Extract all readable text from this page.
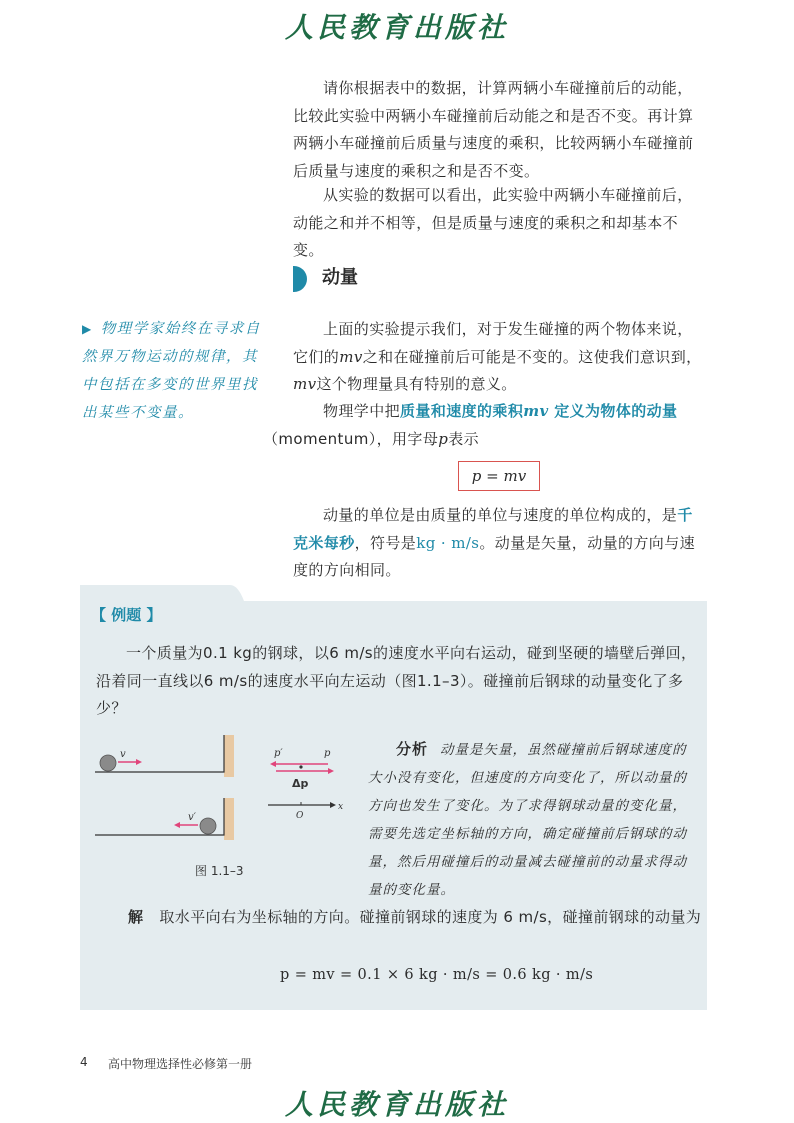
人民教育出版社
请你根据表中的数据，计算两辆小车碰撞前后的动能，比较此实验中两辆小车碰撞前后动能之和是否不变。再计算两辆小车碰撞前后质量与速度的乘积，比较两辆小车碰撞前后质量与速度的乘积之和是否不变。
从实验的数据可以看出，此实验中两辆小车碰撞前后，动能之和并不相等，但是质量与速度的乘积之和却基本不变。
动量
▶ 物理学家始终在寻求自然界万物运动的规律，其中包括在多变的世界里找出某些不变量。
上面的实验提示我们，对于发生碰撞的两个物体来说，它们的mv之和在碰撞前后可能是不变的。这使我们意识到，mv这个物理量具有特别的意义。
物理学中把质量和速度的乘积mv 定义为物体的动量
（momentum），用字母p表示
p = mv
动量的单位是由质量的单位与速度的单位构成的，是千克米每秒，符号是kg · m/s。动量是矢量，动量的方向与速度的方向相同。
【 例题 】
一个质量为0.1 kg的钢球，以6 m/s的速度水平向右运动，碰到坚硬的墙壁后弹回，沿着同一直线以6 m/s的速度水平向左运动（图1.1–3）。碰撞前后钢球的动量变化了多少？
v
v′
p′	p
Δp
x
O
图 1.1–3
分析 动量是矢量，虽然碰撞前后钢球速度的大小没有变化，但速度的方向变化了，所以动量的方向也发生了变化。为了求得钢球动量的变化量，需要先选定坐标轴的方向，确定碰撞前后钢球的动量，然后用碰撞后的动量减去碰撞前的动量求得动量的变化量。
解 取水平向右为坐标轴的方向。碰撞前钢球的速度为 6 m/s，碰撞前钢球的动量为
p = mv = 0.1 × 6 kg · m/s = 0.6 kg · m/s
4 高中物理选择性必修第一册
人民教育出版社
